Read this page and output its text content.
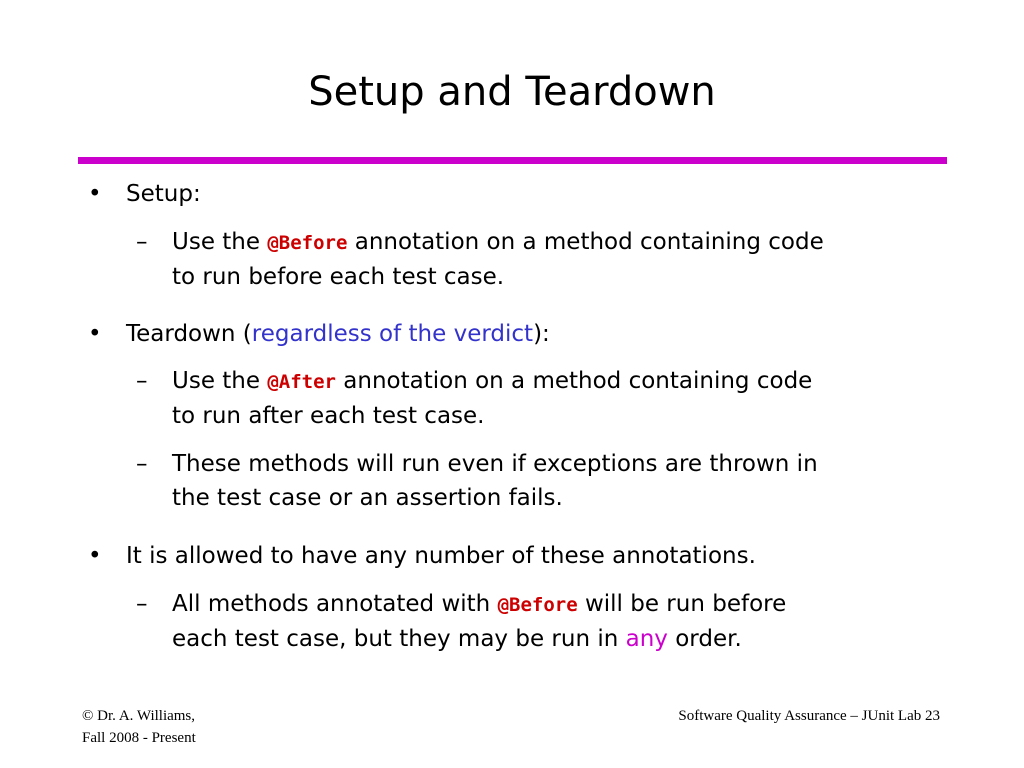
Setup and Teardown
• Setup:
– Use the @Before annotation on a method containing code
to run before each test case.
• Teardown (regardless of the verdict):
– Use the @After annotation on a method containing code
to run after each test case.
– These methods will run even if exceptions are thrown in
the test case or an assertion fails.
• It is allowed to have any number of these annotations.
– All methods annotated with @Before will be run before
each test case, but they may be run in any order.
© Dr. A. Williams,
Fall 2008 - Present
Software Quality Assurance – JUnit Lab 23
